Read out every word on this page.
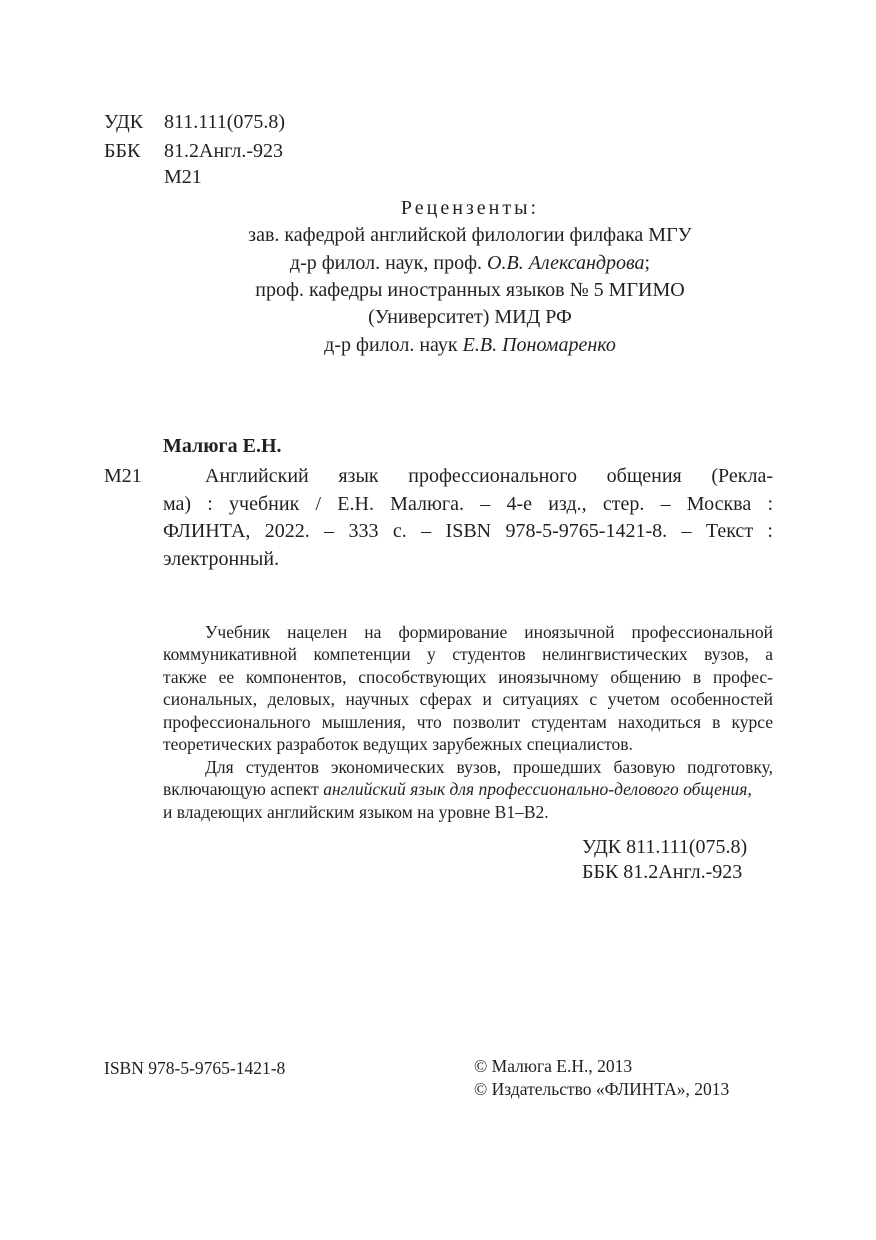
УДК 811.111(075.8)
ББК 81.2Англ.-923
М21
Рецензенты:
зав. кафедрой английской филологии филфака МГУ
д-р филол. наук, проф. О.В. Александрова;
проф. кафедры иностранных языков № 5 МГИМО
(Университет) МИД РФ
д-р филол. наук Е.В. Пономаренко
Малюга Е.Н.
М21	Английский язык профессионального общения (Рекла-
ма) : учебник / Е.Н. Малюга. – 4-е изд., стер. – Москва :
ФЛИНТА, 2022. – 333 с. – ISBN 978-5-9765-1421-8. – Текст :
электронный.
Учебник нацелен на формирование иноязычной профессиональной
коммуникативной компетенции у студентов нелингвистических вузов, а
также ее компонентов, способствующих иноязычному общению в профес-
сиональных, деловых, научных сферах и ситуациях с учетом особенностей
профессионального мышления, что позволит студентам находиться в курсе
теоретических разработок ведущих зарубежных специалистов.
Для студентов экономических вузов, прошедших базовую подготовку,
включающую аспект английский язык для профессионально-делового общения,
и владеющих английским языком на уровне В1–В2.
УДК 811.111(075.8)
ББК 81.2Англ.-923
ISBN 978-5-9765-1421-8	© Малюга Е.Н., 2013
© Издательство «ФЛИНТА», 2013
